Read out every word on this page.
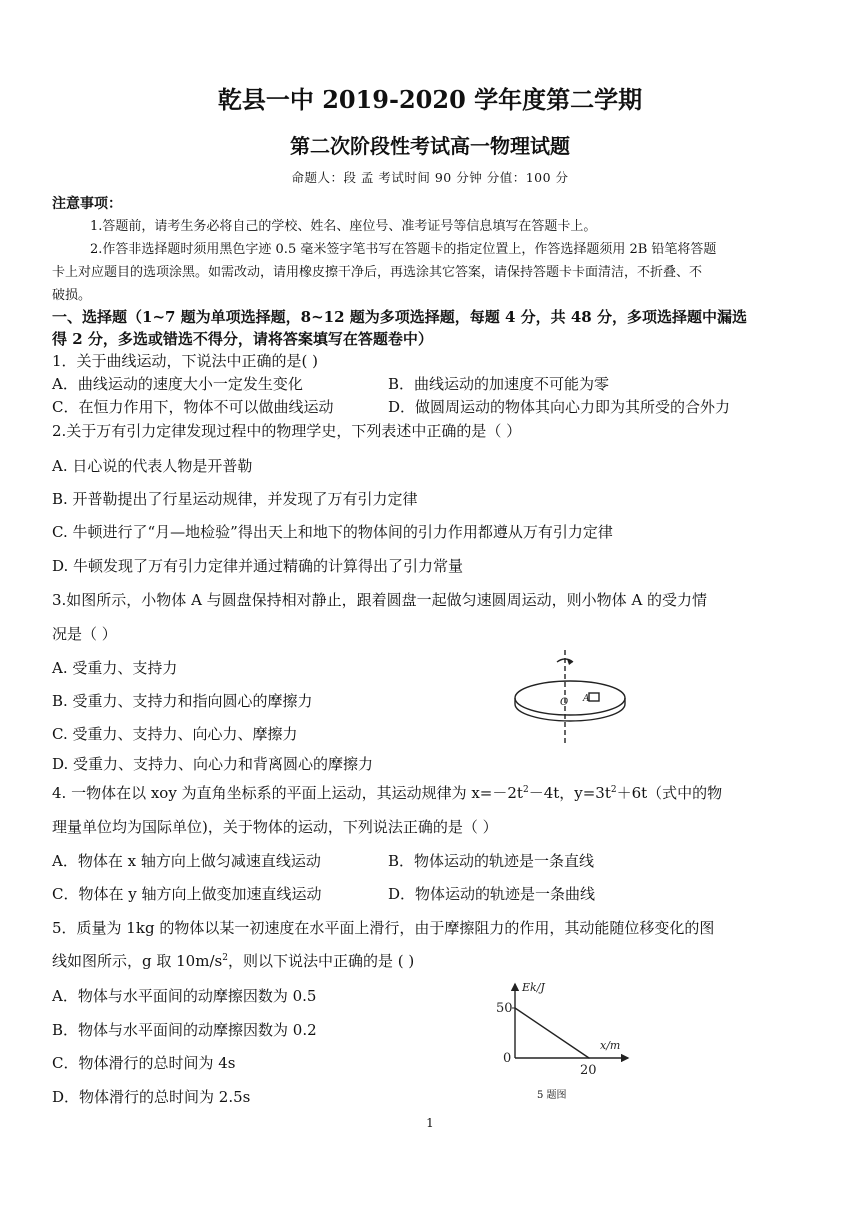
乾县一中 2019-2020 学年度第二学期
第二次阶段性考试高一物理试题
命题人：段 孟 考试时间 90 分钟 分值：100 分
注意事项：
1.答题前，请考生务必将自己的学校、姓名、座位号、准考证号等信息填写在答题卡上。
2.作答非选择题时须用黑色字迹 0.5 毫米签字笔书写在答题卡的指定位置上，作答选择题须用 2B 铅笔将答题
卡上对应题目的选项涂黑。如需改动，请用橡皮擦干净后，再选涂其它答案，请保持答题卡卡面清洁，不折叠、不
破损。
一、选择题（1~7 题为单项选择题，8~12 题为多项选择题，每题 4 分，共 48 分，多项选择题中漏选
得 2 分，多选或错选不得分，请将答案填写在答题卷中）
1．关于曲线运动，下说法中正确的是( )
A．曲线运动的速度大小一定发生变化	B．曲线运动的加速度不可能为零
C．在恒力作用下，物体不可以做曲线运动	D．做圆周运动的物体其向心力即为其所受的合外力
2.关于万有引力定律发现过程中的物理学史，下列表述中正确的是（ ）
A. 日心说的代表人物是开普勒
B. 开普勒提出了行星运动规律，并发现了万有引力定律
C. 牛顿进行了“月—地检验”得出天上和地下的物体间的引力作用都遵从万有引力定律
D. 牛顿发现了万有引力定律并通过精确的计算得出了引力常量
3.如图所示，小物体 A 与圆盘保持相对静止，跟着圆盘一起做匀速圆周运动，则小物体 A 的受力情
况是（ ）
A. 受重力、支持力
B. 受重力、支持力和指向圆心的摩擦力
C. 受重力、支持力、向心力、摩擦力
D. 受重力、支持力、向心力和背离圆心的摩擦力
O A
4. 一物体在以 xoy 为直角坐标系的平面上运动，其运动规律为 $x=-2t^2-4t$，$y=3t^2+6t$（式中的物
理量单位均为国际单位)，关于物体的运动，下列说法正确的是（ ）
A．物体在 x 轴方向上做匀减速直线运动	B．物体运动的轨迹是一条直线
C．物体在 y 轴方向上做变加速直线运动	D．物体运动的轨迹是一条曲线
5．质量为 1kg 的物体以某一初速度在水平面上滑行，由于摩擦阻力的作用，其动能随位移变化的图
线如图所示，g 取 $10m/s^2$，则以下说法中正确的是 ( )
A．物体与水平面间的动摩擦因数为 0.5
B．物体与水平面间的动摩擦因数为 0.2
C．物体滑行的总时间为 4s
D．物体滑行的总时间为 2.5s
Ek/J
x/m
50
0
20
5 题图
1
